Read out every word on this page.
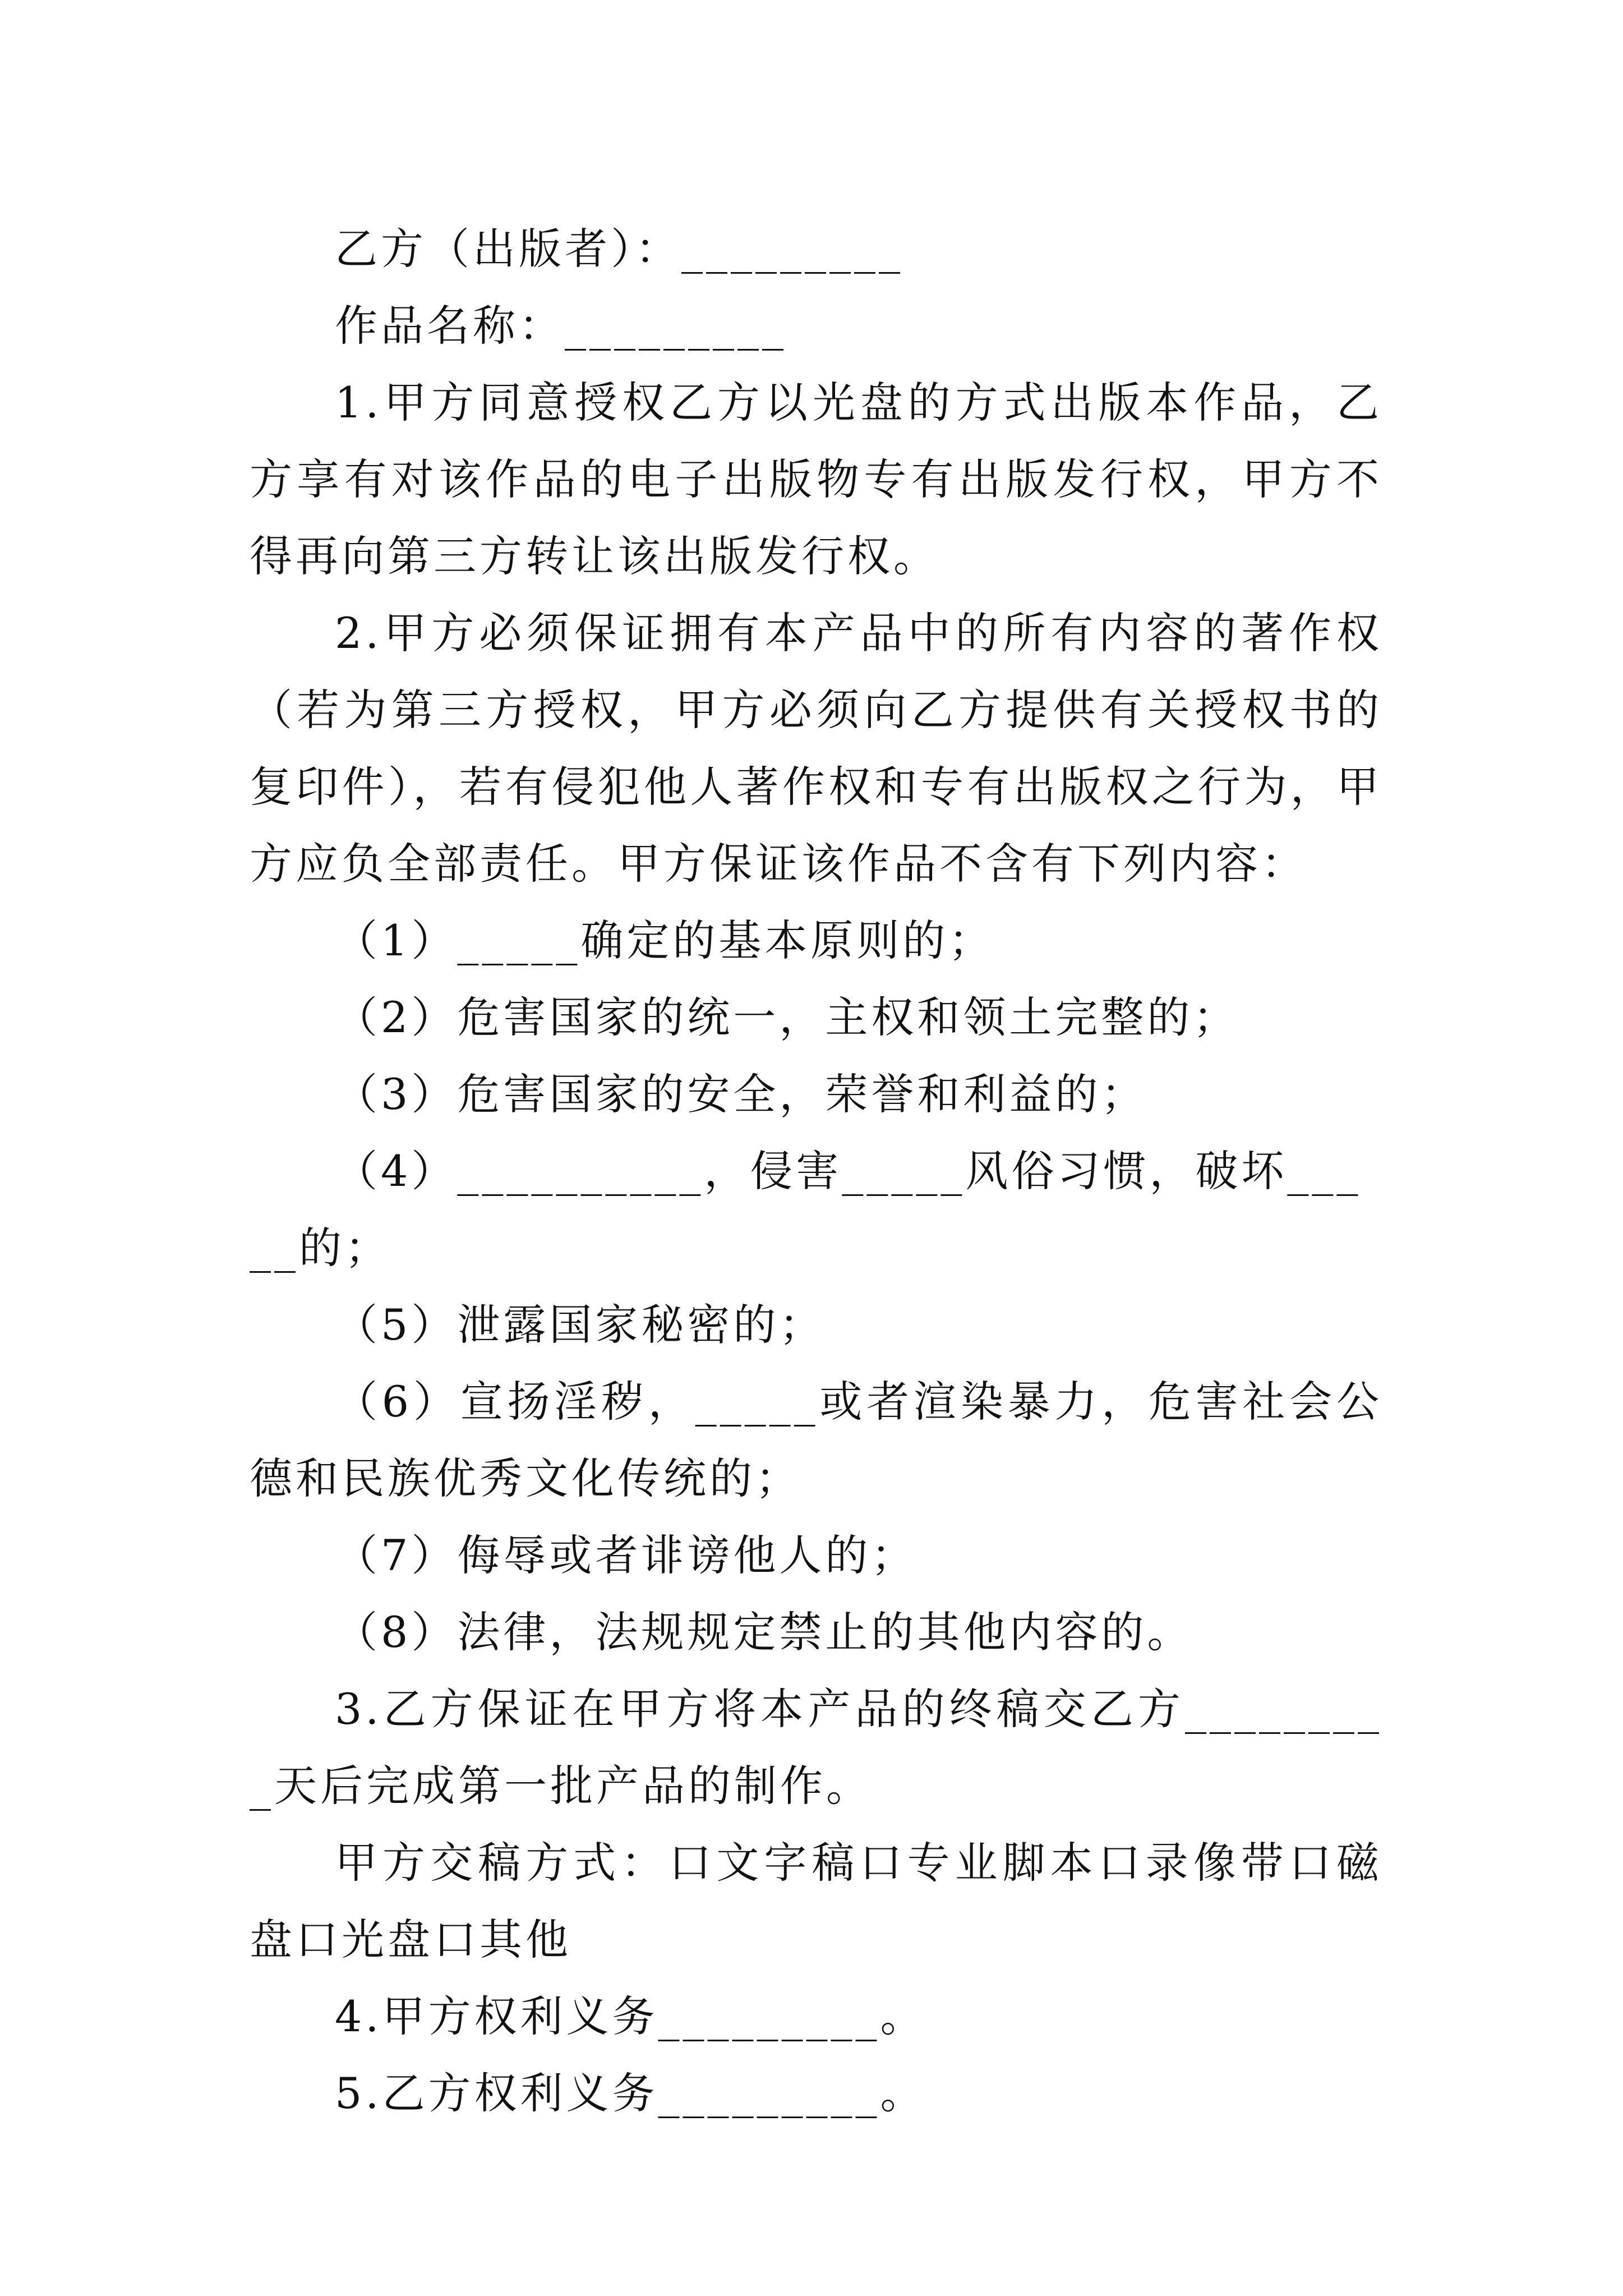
乙方（出版者）：_________

作品名称：_________

1.甲方同意授权乙方以光盘的方式出版本作品，乙方享有对该作品的电子出版物专有出版发行权，甲方不得再向第三方转让该出版发行权。

2.甲方必须保证拥有本产品中的所有内容的著作权（若为第三方授权，甲方必须向乙方提供有关授权书的复印件），若有侵犯他人著作权和专有出版权之行为，甲方应负全部责任。甲方保证该作品不含有下列内容：

（1）_____确定的基本原则的；

（2）危害国家的统一，主权和领土完整的；

（3）危害国家的安全，荣誉和利益的；

（4）__________，侵害_____风俗习惯，破坏_____的；

（5）泄露国家秘密的；

（6）宣扬淫秽，_____或者渲染暴力，危害社会公德和民族优秀文化传统的；

（7）侮辱或者诽谤他人的；

（8）法律，法规规定禁止的其他内容的。

3.乙方保证在甲方将本产品的终稿交乙方_________天后完成第一批产品的制作。

甲方交稿方式：口文字稿口专业脚本口录像带口磁盘口光盘口其他

4.甲方权利义务_________。

5.乙方权利义务_________。
